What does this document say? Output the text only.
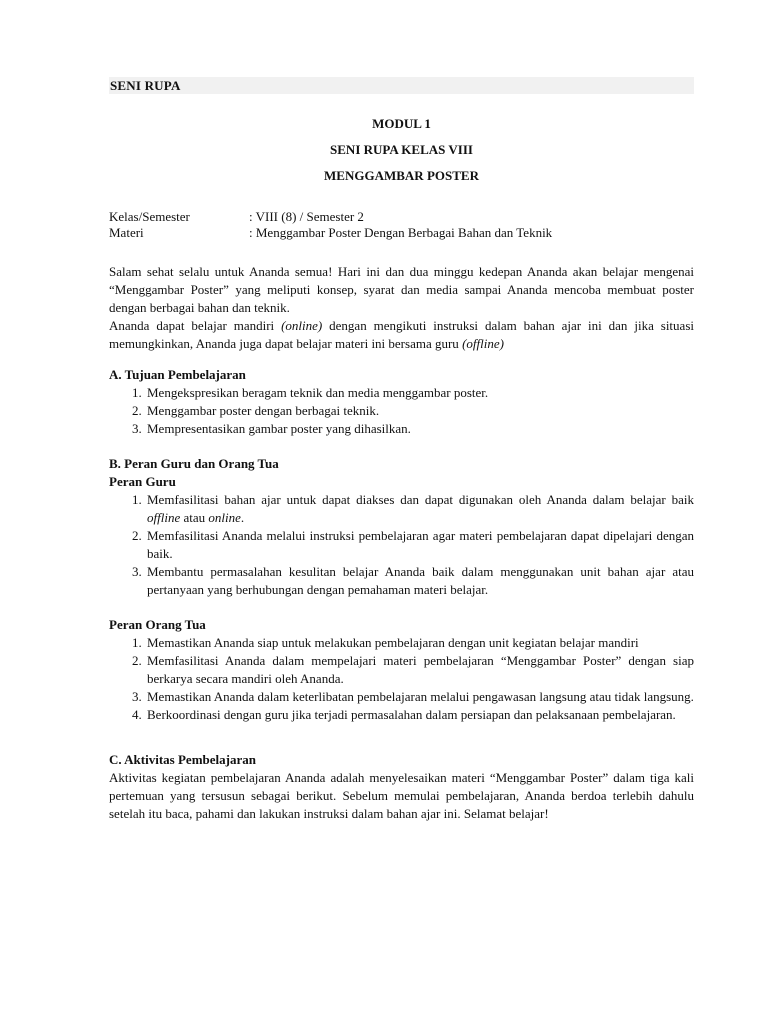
SENI RUPA
MODUL 1
SENI RUPA KELAS VIII
MENGGAMBAR POSTER
Kelas/Semester	: VIII (8) / Semester 2
Materi	: Menggambar Poster Dengan Berbagai Bahan dan Teknik

Salam sehat selalu untuk Ananda semua! Hari ini dan dua minggu kedepan Ananda akan belajar mengenai “Menggambar Poster” yang meliputi konsep, syarat dan media sampai Ananda mencoba membuat poster dengan berbagai bahan dan teknik.

Ananda dapat belajar mandiri (online) dengan mengikuti instruksi dalam bahan ajar ini dan jika situasi memungkinkan, Ananda juga dapat belajar materi ini bersama guru (offline)

A. Tujuan Pembelajaran
1. Mengekspresikan beragam teknik dan media menggambar poster.
2. Menggambar poster dengan berbagai teknik.
3. Mempresentasikan gambar poster yang dihasilkan.
B. Peran Guru dan Orang Tua
Peran Guru
1. Memfasilitasi bahan ajar untuk dapat diakses dan dapat digunakan oleh Ananda dalam belajar baik offline atau online.
2. Memfasilitasi Ananda melalui instruksi pembelajaran agar materi pembelajaran dapat dipelajari dengan baik.
3. Membantu permasalahan kesulitan belajar Ananda baik dalam menggunakan unit bahan ajar atau pertanyaan yang berhubungan dengan pemahaman materi belajar.
Peran Orang Tua
1. Memastikan Ananda siap untuk melakukan pembelajaran dengan unit kegiatan belajar mandiri
2. Memfasilitasi Ananda dalam mempelajari materi pembelajaran “Menggambar Poster” dengan siap berkarya secara mandiri oleh Ananda.
3. Memastikan Ananda dalam keterlibatan pembelajaran melalui pengawasan langsung atau tidak langsung.
4. Berkoordinasi dengan guru jika terjadi permasalahan dalam persiapan dan pelaksanaan pembelajaran.
C. Aktivitas Pembelajaran

Aktivitas kegiatan pembelajaran Ananda adalah menyelesaikan materi “Menggambar Poster” dalam tiga kali pertemuan yang tersusun sebagai berikut. Sebelum memulai pembelajaran, Ananda berdoa terlebih dahulu setelah itu baca, pahami dan lakukan instruksi dalam bahan ajar ini. Selamat belajar!
